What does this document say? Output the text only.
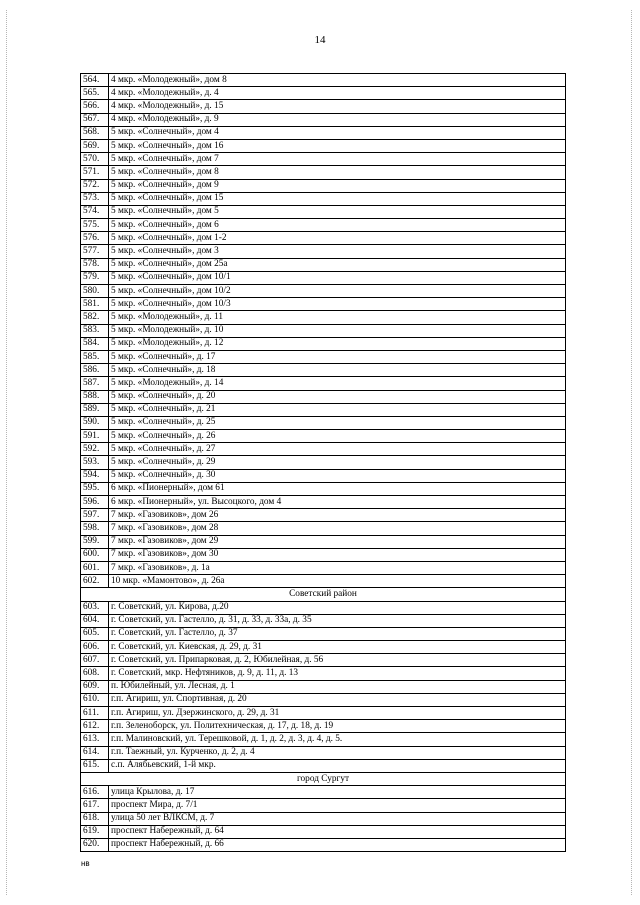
14
564.	4 мкр. «Молодежный», дом 8
565.	4 мкр. «Молодежный», д. 4
566.	4 мкр. «Молодежный», д. 15
567.	4 мкр. «Молодежный», д. 9
568.	5 мкр. «Солнечный», дом 4
569.	5 мкр. «Солнечный», дом 16
570.	5 мкр. «Солнечный», дом 7
571.	5 мкр. «Солнечный», дом 8
572.	5 мкр. «Солнечный», дом 9
573.	5 мкр. «Солнечный», дом 15
574.	5 мкр. «Солнечный», дом 5
575.	5 мкр. «Солнечный», дом 6
576.	5 мкр. «Солнечный», дом 1-2
577.	5 мкр. «Солнечный», дом 3
578.	5 мкр. «Солнечный», дом 25а
579.	5 мкр. «Солнечный», дом 10/1
580.	5 мкр. «Солнечный», дом 10/2
581.	5 мкр. «Солнечный», дом 10/3
582.	5 мкр. «Молодежный», д. 11
583.	5 мкр. «Молодежный», д. 10
584.	5 мкр. «Молодежный», д. 12
585.	5 мкр. «Солнечный», д. 17
586.	5 мкр. «Солнечный», д. 18
587.	5 мкр. «Молодежный», д. 14
588.	5 мкр. «Солнечный», д. 20
589.	5 мкр. «Солнечный», д. 21
590.	5 мкр. «Солнечный», д. 25
591.	5 мкр. «Солнечный», д. 26
592.	5 мкр. «Солнечный», д. 27
593.	5 мкр. «Солнечный», д. 29
594.	5 мкр. «Солнечный», д. 30
595.	6 мкр. «Пионерный», дом 61
596.	6 мкр. «Пионерный», ул. Высоцкого, дом 4
597.	7 мкр. «Газовиков», дом 26
598.	7 мкр. «Газовиков», дом 28
599.	7 мкр. «Газовиков», дом 29
600.	7 мкр. «Газовиков», дом 30
601.	7 мкр. «Газовиков», д. 1а
602.	10 мкр. «Мамонтово», д. 26а
Советский район	
603.	г. Советский, ул. Кирова, д.20
604.	г. Советский, ул. Гастелло, д. 31, д. 33, д. 33а, д. 35
605.	г. Советский, ул. Гастелло, д. 37
606.	г. Советский, ул. Киевская, д. 29, д. 31
607.	г. Советский, ул. Припарковая, д. 2, Юбилейная, д. 56
608.	г. Советский, мкр. Нефтяников, д. 9, д. 11, д. 13
609.	п. Юбилейный, ул. Лесная, д. 1
610.	г.п. Агириш, ул. Спортивная, д. 20
611.	г.п. Агириш, ул. Дзержинского, д. 29, д. 31
612.	г.п. Зеленоборск, ул. Политехническая, д. 17, д. 18, д. 19
613.	г.п. Малиновский, ул. Терешковой, д. 1, д. 2, д. 3, д. 4, д. 5.
614.	г.п. Таежный, ул. Курченко, д. 2, д. 4
615.	с.п. Алябьевский, 1-й мкр.
город Сургут	
616.	улица Крылова, д. 17
617.	проспект Мира, д. 7/1
618.	улица 50 лет ВЛКСМ, д. 7
619.	проспект Набережный, д. 64
620.	проспект Набережный, д. 66
нв
